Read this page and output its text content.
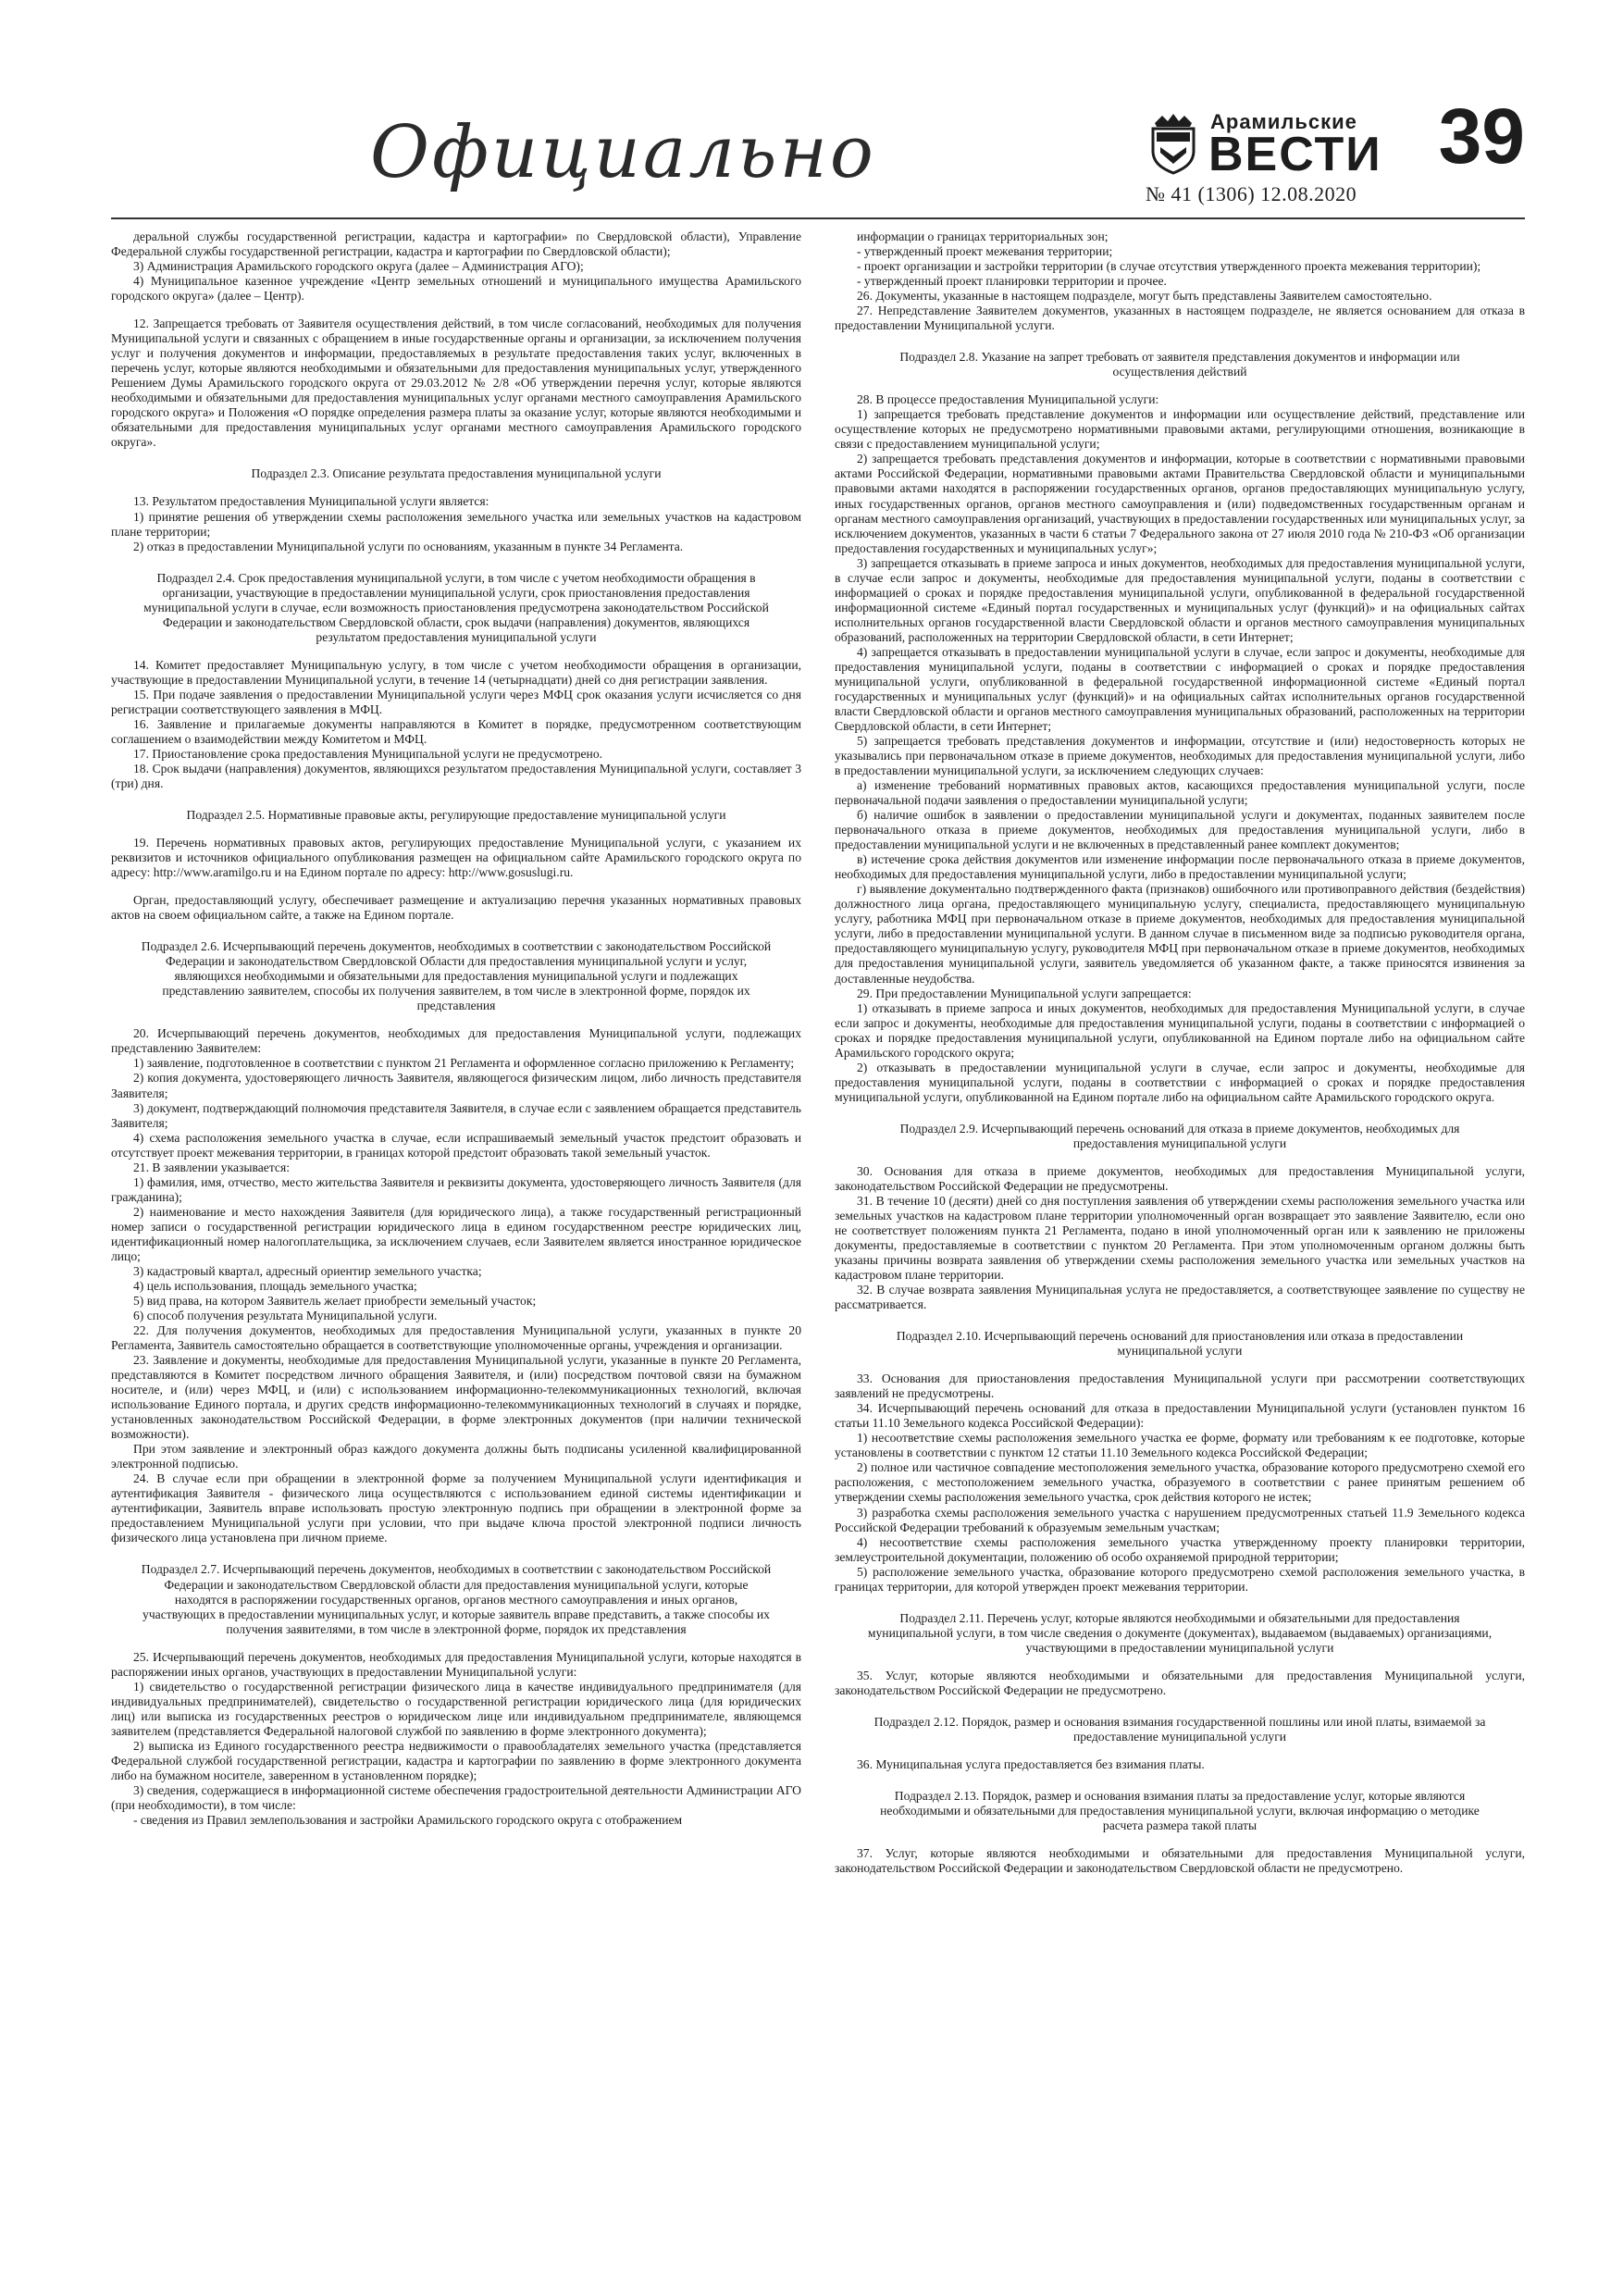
Официально	Арамильские
ВЕСТИ
№ 41 (1306) 12.08.2020
39

деральной службы государственной регистрации, кадастра и картографии» по Свердловской области), Управление Федеральной службы государственной регистрации, кадастра и картографии по Свердловской области);

3) Администрация Арамильского городского округа (далее – Администрация АГО);

4) Муниципальное казенное учреждение «Центр земельных отношений и муниципального имущества Арамильского городского округа» (далее – Центр).

12. Запрещается требовать от Заявителя осуществления действий, в том числе согласований, необходимых для получения Муниципальной услуги и связанных с обращением в иные государственные органы и организации, за исключением получения услуг и получения документов и информации, предоставляемых в результате предоставления таких услуг, включенных в перечень услуг, которые являются необходимыми и обязательными для предоставления муниципальных услуг, утвержденного Решением Думы Арамильского городского округа от 29.03.2012 № 2/8 «Об утверждении перечня услуг, которые являются необходимыми и обязательными для предоставления муниципальных услуг органами местного самоуправления Арамильского городского округа» и Положения «О порядке определения размера платы за оказание услуг, которые являются необходимыми и обязательными для предоставления муниципальных услуг органами местного самоуправления Арамильского городского округа».

Подраздел 2.3. Описание результата предоставления муниципальной услуги

13. Результатом предоставления Муниципальной услуги является:

1) принятие решения об утверждении схемы расположения земельного участка или земельных участков на кадастровом плане территории;

2) отказ в предоставлении Муниципальной услуги по основаниям, указанным в пункте 34 Регламента.

Подраздел 2.4. Срок предоставления муниципальной услуги, в том числе с учетом необходимости обращения в организации, участвующие в предоставлении муниципальной услуги, срок приостановления предоставления муниципальной услуги в случае, если возможность приостановления предусмотрена законодательством Российской Федерации и законодательством Свердловской области, срок выдачи (направления) документов, являющихся результатом предоставления муниципальной услуги

14. Комитет предоставляет Муниципальную услугу, в том числе с учетом необходимости обращения в организации, участвующие в предоставлении Муниципальной услуги, в течение 14 (четырнадцати) дней со дня регистрации заявления.

15. При подаче заявления о предоставлении Муниципальной услуги через МФЦ срок оказания услуги исчисляется со дня регистрации соответствующего заявления в МФЦ.

16. Заявление и прилагаемые документы направляются в Комитет в порядке, предусмотренном соответствующим соглашением о взаимодействии между Комитетом и МФЦ.

17. Приостановление срока предоставления Муниципальной услуги не предусмотрено.

18. Срок выдачи (направления) документов, являющихся результатом предоставления Муниципальной услуги, составляет 3 (три) дня.

Подраздел 2.5. Нормативные правовые акты, регулирующие предоставление муниципальной услуги

19. Перечень нормативных правовых актов, регулирующих предоставление Муниципальной услуги, с указанием их реквизитов и источников официального опубликования размещен на официальном сайте Арамильского городского округа по адресу: http://www.aramilgo.ru и на Едином портале по адресу: http://www.gosuslugi.ru.

Орган, предоставляющий услугу, обеспечивает размещение и актуализацию перечня указанных нормативных правовых актов на своем официальном сайте, а также на Едином портале.

Подраздел 2.6. Исчерпывающий перечень документов, необходимых в соответствии с законодательством Российской Федерации и законодательством Свердловской Области для предоставления муниципальной услуги и услуг, являющихся необходимыми и обязательными для предоставления муниципальной услуги и подлежащих представлению заявителем, способы их получения заявителем, в том числе в электронной форме, порядок их представления

20. Исчерпывающий перечень документов, необходимых для предоставления Муниципальной услуги, подлежащих представлению Заявителем:

1) заявление, подготовленное в соответствии с пунктом 21 Регламента и оформленное согласно приложению к Регламенту;

2) копия документа, удостоверяющего личность Заявителя, являющегося физическим лицом, либо личность представителя Заявителя;

3) документ, подтверждающий полномочия представителя Заявителя, в случае если с заявлением обращается представитель Заявителя;

4) схема расположения земельного участка в случае, если испрашиваемый земельный участок предстоит образовать и отсутствует проект межевания территории, в границах которой предстоит образовать такой земельный участок.

21. В заявлении указывается:

1) фамилия, имя, отчество, место жительства Заявителя и реквизиты документа, удостоверяющего личность Заявителя (для гражданина);

2) наименование и место нахождения Заявителя (для юридического лица), а также государственный регистрационный номер записи о государственной регистрации юридического лица в едином государственном реестре юридических лиц, идентификационный номер налогоплательщика, за исключением случаев, если Заявителем является иностранное юридическое лицо;

3) кадастровый квартал, адресный ориентир земельного участка;

4) цель использования, площадь земельного участка;

5) вид права, на котором Заявитель желает приобрести земельный участок;

6) способ получения результата Муниципальной услуги.

22. Для получения документов, необходимых для предоставления Муниципальной услуги, указанных в пункте 20 Регламента, Заявитель самостоятельно обращается в соответствующие уполномоченные органы, учреждения и организации.

23. Заявление и документы, необходимые для предоставления Муниципальной услуги, указанные в пункте 20 Регламента, представляются в Комитет посредством личного обращения Заявителя, и (или) посредством почтовой связи на бумажном носителе, и (или) через МФЦ, и (или) с использованием информационно-телекоммуникационных технологий, включая использование Единого портала, и других средств информационно-телекоммуникационных технологий в случаях и порядке, установленных законодательством Российской Федерации, в форме электронных документов (при наличии технической возможности).

При этом заявление и электронный образ каждого документа должны быть подписаны усиленной квалифицированной электронной подписью.

24. В случае если при обращении в электронной форме за получением Муниципальной услуги идентификация и аутентификация Заявителя - физического лица осуществляются с использованием единой системы идентификации и аутентификации, Заявитель вправе использовать простую электронную подпись при обращении в электронной форме за предоставлением Муниципальной услуги при условии, что при выдаче ключа простой электронной подписи личность физического лица установлена при личном приеме.

Подраздел 2.7. Исчерпывающий перечень документов, необходимых в соответствии с законодательством Российской Федерации и законодательством Свердловской области для предоставления муниципальной услуги, которые находятся в распоряжении государственных органов, органов местного самоуправления и иных органов, участвующих в предоставлении муниципальных услуг, и которые заявитель вправе представить, а также способы их получения заявителями, в том числе в электронной форме, порядок их представления

25. Исчерпывающий перечень документов, необходимых для предоставления Муниципальной услуги, которые находятся в распоряжении иных органов, участвующих в предоставлении Муниципальной услуги:

1) свидетельство о государственной регистрации физического лица в качестве индивидуального предпринимателя (для индивидуальных предпринимателей), свидетельство о государственной регистрации юридического лица (для юридических лиц) или выписка из государственных реестров о юридическом лице или индивидуальном предпринимателе, являющемся заявителем (представляется Федеральной налоговой службой по заявлению в форме электронного документа);

2) выписка из Единого государственного реестра недвижимости о правообладателях земельного участка (представляется Федеральной службой государственной регистрации, кадастра и картографии по заявлению в форме электронного документа либо на бумажном носителе, заверенном в установленном порядке);

3) сведения, содержащиеся в информационной системе обеспечения градостроительной деятельности Администрации АГО (при необходимости), в том числе:

- сведения из Правил землепользования и застройки Арамильского городского округа с отображением

информации о границах территориальных зон;

- утвержденный проект межевания территории;

- проект организации и застройки территории (в случае отсутствия утвержденного проекта межевания территории);

- утвержденный проект планировки территории и прочее.

26. Документы, указанные в настоящем подразделе, могут быть представлены Заявителем самостоятельно.

27. Непредставление Заявителем документов, указанных в настоящем подразделе, не является основанием для отказа в предоставлении Муниципальной услуги.

Подраздел 2.8. Указание на запрет требовать от заявителя представления документов и информации или осуществления действий

28. В процессе предоставления Муниципальной услуги:

1) запрещается требовать представление документов и информации или осуществление действий, представление или осуществление которых не предусмотрено нормативными правовыми актами, регулирующими отношения, возникающие в связи с предоставлением муниципальной услуги;

2) запрещается требовать представления документов и информации, которые в соответствии с нормативными правовыми актами Российской Федерации, нормативными правовыми актами Правительства Свердловской области и муниципальными правовыми актами находятся в распоряжении государственных органов, органов предоставляющих муниципальную услугу, иных государственных органов, органов местного самоуправления и (или) подведомственных государственным органам и органам местного самоуправления организаций, участвующих в предоставлении государственных или муниципальных услуг, за исключением документов, указанных в части 6 статьи 7 Федерального закона от 27 июля 2010 года № 210-ФЗ «Об организации предоставления государственных и муниципальных услуг»;

3) запрещается отказывать в приеме запроса и иных документов, необходимых для предоставления муниципальной услуги, в случае если запрос и документы, необходимые для предоставления муниципальной услуги, поданы в соответствии с информацией о сроках и порядке предоставления муниципальной услуги, опубликованной в федеральной государственной информационной системе «Единый портал государственных и муниципальных услуг (функций)» и на официальных сайтах исполнительных органов государственной власти Свердловской области и органов местного самоуправления муниципальных образований, расположенных на территории Свердловской области, в сети Интернет;

4) запрещается отказывать в предоставлении муниципальной услуги в случае, если запрос и документы, необходимые для предоставления муниципальной услуги, поданы в соответствии с информацией о сроках и порядке предоставления муниципальной услуги, опубликованной в федеральной государственной информационной системе «Единый портал государственных и муниципальных услуг (функций)» и на официальных сайтах исполнительных органов государственной власти Свердловской области и органов местного самоуправления муниципальных образований, расположенных на территории Свердловской области, в сети Интернет;

5) запрещается требовать представления документов и информации, отсутствие и (или) недостоверность которых не указывались при первоначальном отказе в приеме документов, необходимых для предоставления муниципальной услуги, либо в предоставлении муниципальной услуги, за исключением следующих случаев:

а) изменение требований нормативных правовых актов, касающихся предоставления муниципальной услуги, после первоначальной подачи заявления о предоставлении муниципальной услуги;

б) наличие ошибок в заявлении о предоставлении муниципальной услуги и документах, поданных заявителем после первоначального отказа в приеме документов, необходимых для предоставления муниципальной услуги, либо в предоставлении муниципальной услуги и не включенных в представленный ранее комплект документов;

в) истечение срока действия документов или изменение информации после первоначального отказа в приеме документов, необходимых для предоставления муниципальной услуги, либо в предоставлении муниципальной услуги;

г) выявление документально подтвержденного факта (признаков) ошибочного или противоправного действия (бездействия) должностного лица органа, предоставляющего муниципальную услугу, специалиста, предоставляющего муниципальную услугу, работника МФЦ при первоначальном отказе в приеме документов, необходимых для предоставления муниципальной услуги, либо в предоставлении муниципальной услуги. В данном случае в письменном виде за подписью руководителя органа, предоставляющего муниципальную услугу, руководителя МФЦ при первоначальном отказе в приеме документов, необходимых для предоставления муниципальной услуги, заявитель уведомляется об указанном факте, а также приносятся извинения за доставленные неудобства.

29. При предоставлении Муниципальной услуги запрещается:

1) отказывать в приеме запроса и иных документов, необходимых для предоставления Муниципальной услуги, в случае если запрос и документы, необходимые для предоставления муниципальной услуги, поданы в соответствии с информацией о сроках и порядке предоставления муниципальной услуги, опубликованной на Едином портале либо на официальном сайте Арамильского городского округа;

2) отказывать в предоставлении муниципальной услуги в случае, если запрос и документы, необходимые для предоставления муниципальной услуги, поданы в соответствии с информацией о сроках и порядке предоставления муниципальной услуги, опубликованной на Едином портале либо на официальном сайте Арамильского городского округа.

Подраздел 2.9. Исчерпывающий перечень оснований для отказа в приеме документов, необходимых для предоставления муниципальной услуги

30. Основания для отказа в приеме документов, необходимых для предоставления Муниципальной услуги, законодательством Российской Федерации не предусмотрены.

31. В течение 10 (десяти) дней со дня поступления заявления об утверждении схемы расположения земельного участка или земельных участков на кадастровом плане территории уполномоченный орган возвращает это заявление Заявителю, если оно не соответствует положениям пункта 21 Регламента, подано в иной уполномоченный орган или к заявлению не приложены документы, предоставляемые в соответствии с пунктом 20 Регламента. При этом уполномоченным органом должны быть указаны причины возврата заявления об утверждении схемы расположения земельного участка или земельных участков на кадастровом плане территории.

32. В случае возврата заявления Муниципальная услуга не предоставляется, а соответствующее заявление по существу не рассматривается.

Подраздел 2.10. Исчерпывающий перечень оснований для приостановления или отказа в предоставлении муниципальной услуги

33. Основания для приостановления предоставления Муниципальной услуги при рассмотрении соответствующих заявлений не предусмотрены.

34. Исчерпывающий перечень оснований для отказа в предоставлении Муниципальной услуги (установлен пунктом 16 статьи 11.10 Земельного кодекса Российской Федерации):

1) несоответствие схемы расположения земельного участка ее форме, формату или требованиям к ее подготовке, которые установлены в соответствии с пунктом 12 статьи 11.10 Земельного кодекса Российской Федерации;

2) полное или частичное совпадение местоположения земельного участка, образование которого предусмотрено схемой его расположения, с местоположением земельного участка, образуемого в соответствии с ранее принятым решением об утверждении схемы расположения земельного участка, срок действия которого не истек;

3) разработка схемы расположения земельного участка с нарушением предусмотренных статьей 11.9 Земельного кодекса Российской Федерации требований к образуемым земельным участкам;

4) несоответствие схемы расположения земельного участка утвержденному проекту планировки территории, землеустроительной документации, положению об особо охраняемой природной территории;

5) расположение земельного участка, образование которого предусмотрено схемой расположения земельного участка, в границах территории, для которой утвержден проект межевания территории.

Подраздел 2.11. Перечень услуг, которые являются необходимыми и обязательными для предоставления муниципальной услуги, в том числе сведения о документе (документах), выдаваемом (выдаваемых) организациями, участвующими в предоставлении муниципальной услуги

35. Услуг, которые являются необходимыми и обязательными для предоставления Муниципальной услуги, законодательством Российской Федерации не предусмотрено.

Подраздел 2.12. Порядок, размер и основания взимания государственной пошлины или иной платы, взимаемой за предоставление муниципальной услуги

36. Муниципальная услуга предоставляется без взимания платы.

Подраздел 2.13. Порядок, размер и основания взимания платы за предоставление услуг, которые являются необходимыми и обязательными для предоставления муниципальной услуги, включая информацию о методике расчета размера такой платы

37. Услуг, которые являются необходимыми и обязательными для предоставления Муниципальной услуги, законодательством Российской Федерации и законодательством Свердловской области не предусмотрено.
